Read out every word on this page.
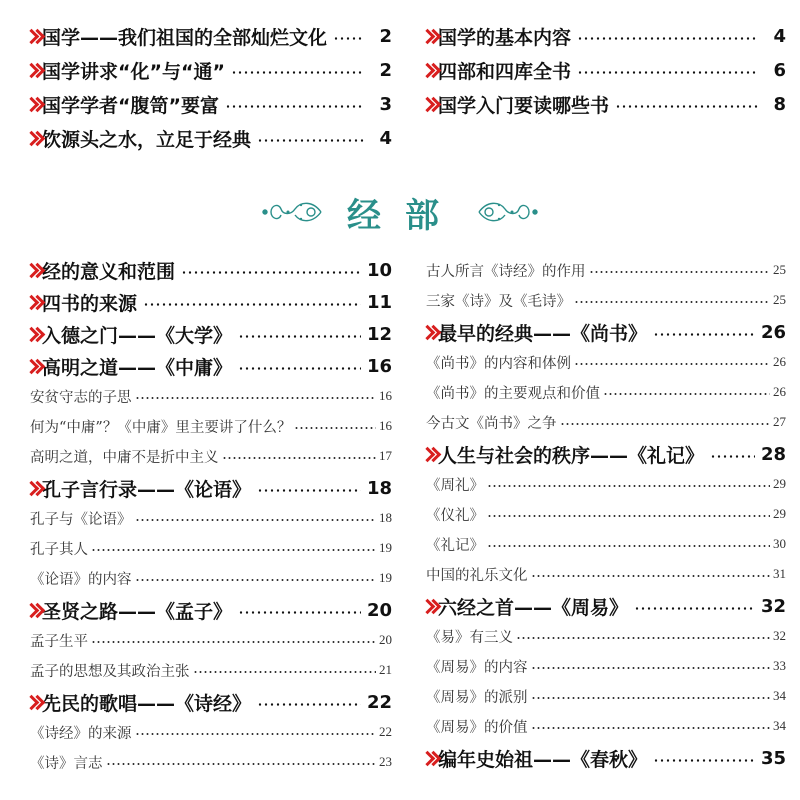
国学——我们祖国的全部灿烂文化	2
国学讲求“化”与“通”	2
国学学者“腹笥”要富	3
饮源头之水，立足于经典	4
国学的基本内容	4
四部和四库全书	6
国学入门要读哪些书	8
经部
经的意义和范围	10
四书的来源	11
入德之门——《大学》	12
高明之道——《中庸》	16
安贫守志的子思	16
何为“中庸”？《中庸》里主要讲了什么？	16
高明之道，中庸不是折中主义	17
孔子言行录——《论语》	18
孔子与《论语》	18
孔子其人	19
《论语》的内容	19
圣贤之路——《孟子》	20
孟子生平	20
孟子的思想及其政治主张	21
先民的歌唱——《诗经》	22
《诗经》的来源	22
《诗》言志	23
古人所言《诗经》的作用	25
三家《诗》及《毛诗》	25
最早的经典——《尚书》	26
《尚书》的内容和体例	26
《尚书》的主要观点和价值	26
今古文《尚书》之争	27
人生与社会的秩序——《礼记》	28
《周礼》	29
《仪礼》	29
《礼记》	30
中国的礼乐文化	31
六经之首——《周易》	32
《易》有三义	32
《周易》的内容	33
《周易》的派别	34
《周易》的价值	34
编年史始祖——《春秋》	35
